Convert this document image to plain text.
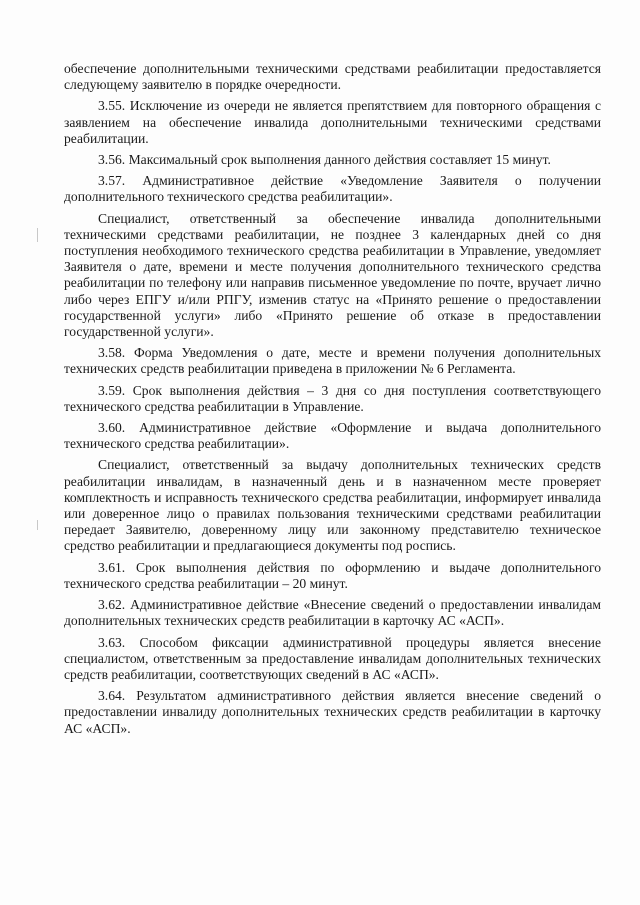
обеспечение дополнительными техническими средствами реабилитации предоставляется следующему заявителю в порядке очередности.

3.55. Исключение из очереди не является препятствием для повторного обращения с заявлением на обеспечение инвалида дополнительными техническими средствами реабилитации.

3.56. Максимальный срок выполнения данного действия составляет 15 минут.

3.57. Административное действие «Уведомление Заявителя о получении дополнительного технического средства реабилитации».

Специалист, ответственный за обеспечение инвалида дополнительными техническими средствами реабилитации, не позднее 3 календарных дней со дня поступления необходимого технического средства реабилитации в Управление, уведомляет Заявителя о дате, времени и месте получения дополнительного технического средства реабилитации по телефону или направив письменное уведомление по почте, вручает лично либо через ЕПГУ и/или РПГУ, изменив статус на «Принято решение о предоставлении государственной услуги» либо «Принято решение об отказе в предоставлении государственной услуги».

3.58. Форма Уведомления о дате, месте и времени получения дополнительных технических средств реабилитации приведена в приложении № 6 Регламента.

3.59. Срок выполнения действия – 3 дня со дня поступления соответствующего технического средства реабилитации в Управление.

3.60. Административное действие «Оформление и выдача дополнительного технического средства реабилитации».

Специалист, ответственный за выдачу дополнительных технических средств реабилитации инвалидам, в назначенный день и в назначенном месте проверяет комплектность и исправность технического средства реабилитации, информирует инвалида или доверенное лицо о правилах пользования техническими средствами реабилитации передает Заявителю, доверенному лицу или законному представителю техническое средство реабилитации и предлагающиеся документы под роспись.

3.61. Срок выполнения действия по оформлению и выдаче дополнительного технического средства реабилитации – 20 минут.

3.62. Административное действие «Внесение сведений о предоставлении инвалидам дополнительных технических средств реабилитации в карточку АС «АСП».

3.63. Способом фиксации административной процедуры является внесение специалистом, ответственным за предоставление инвалидам дополнительных технических средств реабилитации, соответствующих сведений в АС «АСП».

3.64. Результатом административного действия является внесение сведений о предоставлении инвалиду дополнительных технических средств реабилитации в карточку АС «АСП».
